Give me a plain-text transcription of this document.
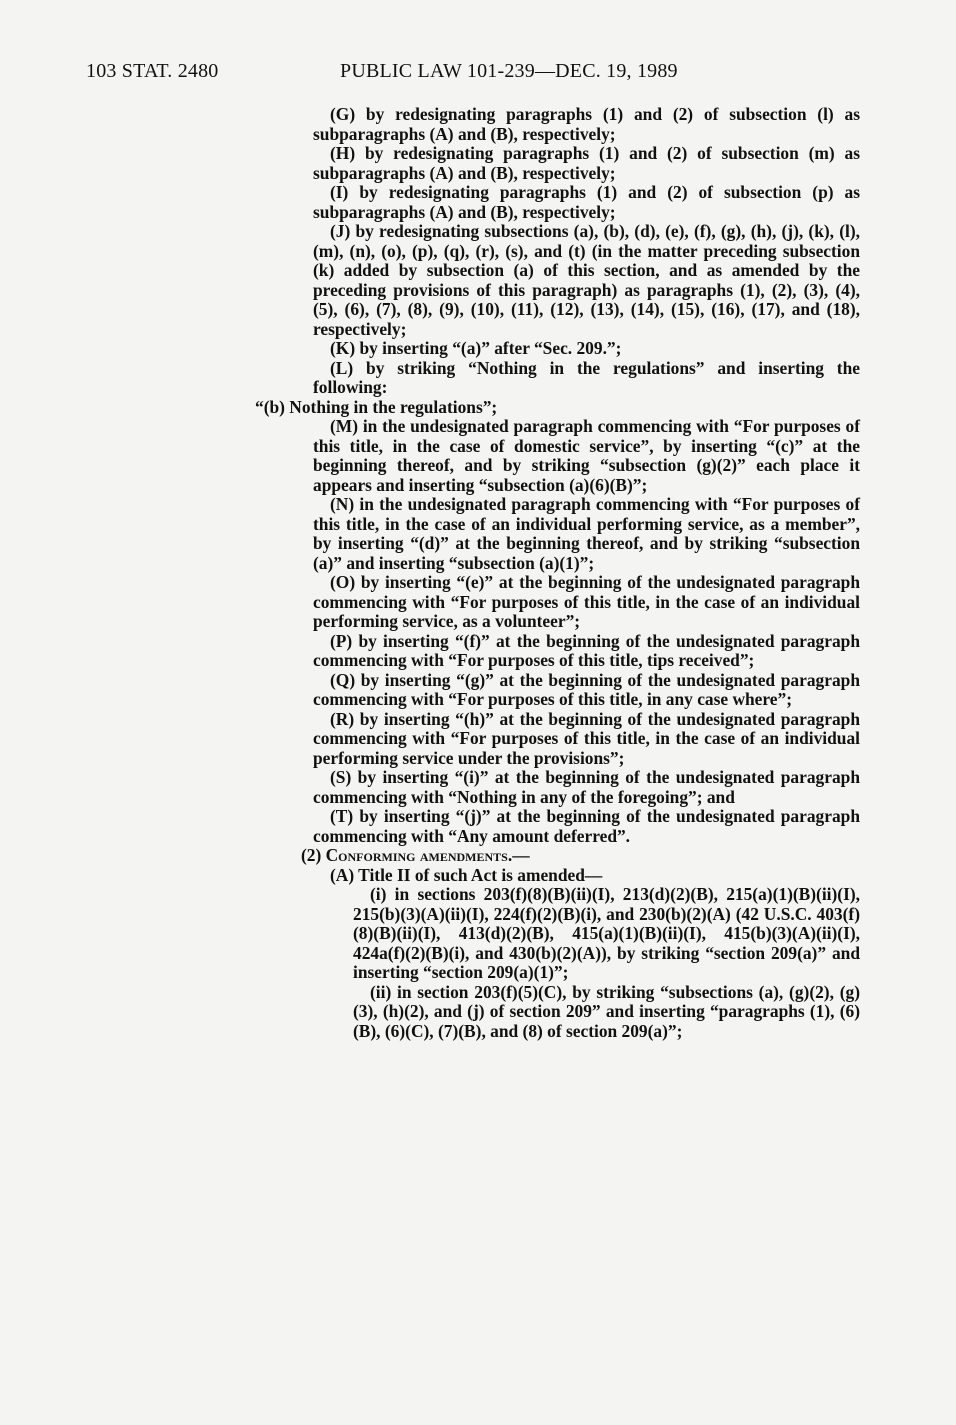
103 STAT. 2480	PUBLIC LAW 101-239—DEC. 19, 1989

(G) by redesignating paragraphs (1) and (2) of subsection (l) as subparagraphs (A) and (B), respectively;

(H) by redesignating paragraphs (1) and (2) of subsection (m) as subparagraphs (A) and (B), respectively;

(I) by redesignating paragraphs (1) and (2) of subsection (p) as subparagraphs (A) and (B), respectively;

(J) by redesignating subsections (a), (b), (d), (e), (f), (g), (h), (j), (k), (l), (m), (n), (o), (p), (q), (r), (s), and (t) (in the matter preceding subsection (k) added by subsection (a) of this section, and as amended by the preceding provisions of this paragraph) as paragraphs (1), (2), (3), (4), (5), (6), (7), (8), (9), (10), (11), (12), (13), (14), (15), (16), (17), and (18), respectively;

(K) by inserting “(a)” after “Sec. 209.”;

(L) by striking “Nothing in the regulations” and inserting the following:

“(b) Nothing in the regulations”;

(M) in the undesignated paragraph commencing with “For purposes of this title, in the case of domestic service”, by inserting “(c)” at the beginning thereof, and by striking “subsection (g)(2)” each place it appears and inserting “subsection (a)(6)(B)”;

(N) in the undesignated paragraph commencing with “For purposes of this title, in the case of an individual performing service, as a member”, by inserting “(d)” at the beginning thereof, and by striking “subsection (a)” and inserting “subsection (a)(1)”;

(O) by inserting “(e)” at the beginning of the undesignated paragraph commencing with “For purposes of this title, in the case of an individual performing service, as a volunteer”;

(P) by inserting “(f)” at the beginning of the undesignated paragraph commencing with “For purposes of this title, tips received”;

(Q) by inserting “(g)” at the beginning of the undesignated paragraph commencing with “For purposes of this title, in any case where”;

(R) by inserting “(h)” at the beginning of the undesignated paragraph commencing with “For purposes of this title, in the case of an individual performing service under the provisions”;

(S) by inserting “(i)” at the beginning of the undesignated paragraph commencing with “Nothing in any of the foregoing”; and

(T) by inserting “(j)” at the beginning of the undesignated paragraph commencing with “Any amount deferred”.

(2) Conforming amendments.—

(A) Title II of such Act is amended—

(i) in sections 203(f)(8)(B)(ii)(I), 213(d)(2)(B), 215(a)(1)(B)(ii)(I), 215(b)(3)(A)(ii)(I), 224(f)(2)(B)(i), and 230(b)(2)(A) (42 U.S.C. 403(f)(8)(B)(ii)(I), 413(d)(2)(B), 415(a)(1)(B)(ii)(I), 415(b)(3)(A)(ii)(I), 424a(f)(2)(B)(i), and 430(b)(2)(A)), by striking “section 209(a)” and inserting “section 209(a)(1)”;

(ii) in section 203(f)(5)(C), by striking “subsections (a), (g)(2), (g)(3), (h)(2), and (j) of section 209” and inserting “paragraphs (1), (6)(B), (6)(C), (7)(B), and (8) of section 209(a)”;
